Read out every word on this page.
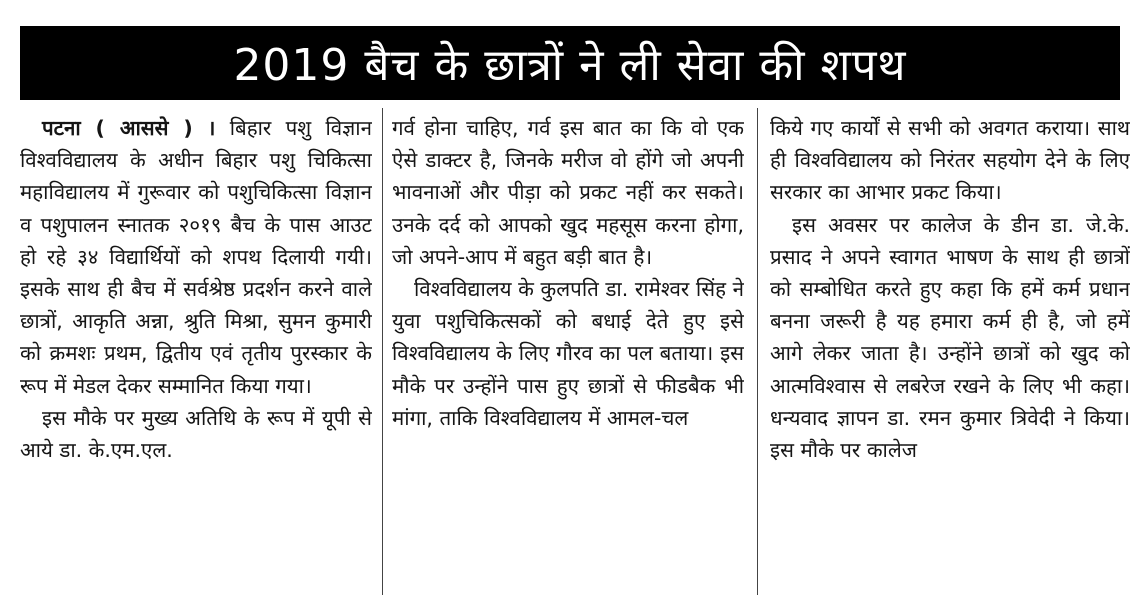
2019 बैच के छात्रों ने ली सेवा की शपथ

पटना ( आससे ) । बिहार पशु विज्ञान विश्वविद्यालय के अधीन बिहार पशु चिकित्सा महाविद्यालय में गुरूवार को पशुचिकित्सा विज्ञान व पशुपालन स्नातक २०१९ बैच के पास आउट हो रहे ३४ विद्यार्थियों को शपथ दिलायी गयी। इसके साथ ही बैच में सर्वश्रेष्ठ प्रदर्शन करने वाले छात्रों, आकृति अन्ना, श्रुति मिश्रा, सुमन कुमारी को क्रमशः प्रथम, द्वितीय एवं तृतीय पुरस्कार के रूप में मेडल देकर सम्मानित किया गया।

इस मौके पर मुख्य अतिथि के रूप में यूपी से आये डा. के.एम.एल.

गर्व होना चाहिए, गर्व इस बात का कि वो एक ऐसे डाक्टर है, जिनके मरीज वो होंगे जो अपनी भावनाओं और पीड़ा को प्रकट नहीं कर सकते। उनके दर्द को आपको खुद महसूस करना होगा, जो अपने-आप में बहुत बड़ी बात है।

विश्वविद्यालय के कुलपति डा. रामेश्वर सिंह ने युवा पशुचिकित्सकों को बधाई देते हुए इसे विश्वविद्यालय के लिए गौरव का पल बताया। इस मौके पर उन्होंने पास हुए छात्रों से फीडबैक भी मांगा, ताकि विश्वविद्यालय में आमल-चल

किये गए कार्यों से सभी को अवगत कराया। साथ ही विश्वविद्यालय को निरंतर सहयोग देने के लिए सरकार का आभार प्रकट किया।

इस अवसर पर कालेज के डीन डा. जे.के. प्रसाद ने अपने स्वागत भाषण के साथ ही छात्रों को सम्बोधित करते हुए कहा कि हमें कर्म प्रधान बनना जरूरी है यह हमारा कर्म ही है, जो हमें आगे लेकर जाता है। उन्होंने छात्रों को खुद को आत्मविश्वास से लबरेज रखने के लिए भी कहा। धन्यवाद ज्ञापन डा. रमन कुमार त्रिवेदी ने किया। इस मौके पर कालेज
